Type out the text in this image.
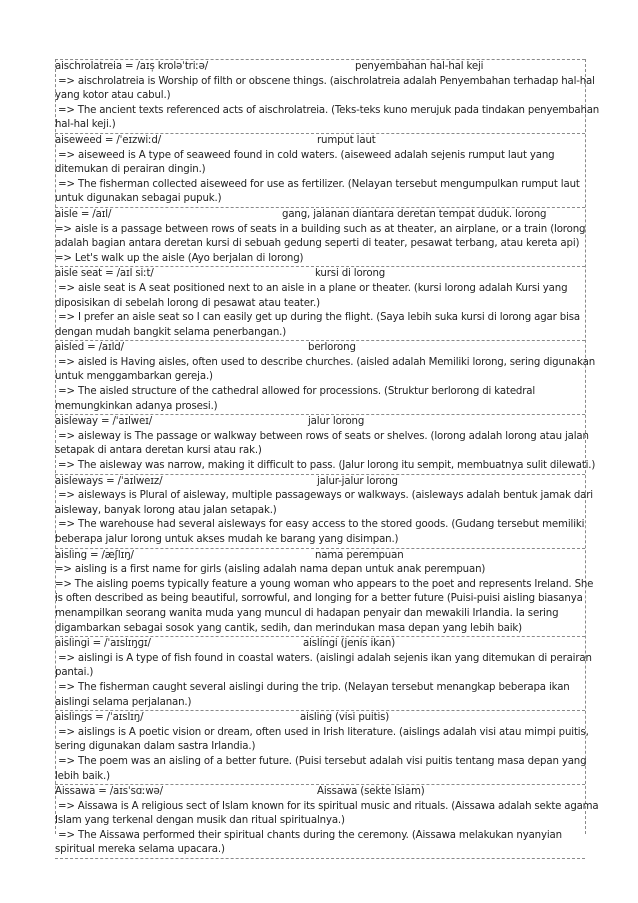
aischrolatreia = /aɪs̩ kroləˈtriːə/	penyembahan hal-hal keji
=> aischrolatreia is Worship of filth or obscene things. (aischrolatreia adalah Penyembahan terhadap hal-hal
yang kotor atau cabul.)
=> The ancient texts referenced acts of aischrolatreia. (Teks-teks kuno merujuk pada tindakan penyembahan
hal-hal keji.)
aiseweed = /ˈeɪzwiːd/	rumput laut
=> aiseweed is A type of seaweed found in cold waters. (aiseweed adalah sejenis rumput laut yang
ditemukan di perairan dingin.)
=> The fisherman collected aiseweed for use as fertilizer. (Nelayan tersebut mengumpulkan rumput laut
untuk digunakan sebagai pupuk.)
aisle = /aɪl/	gang, jalanan diantara deretan tempat duduk. lorong
=> aisle is a passage between rows of seats in a building such as at theater, an airplane, or a train (lorong
adalah bagian antara deretan kursi di sebuah gedung seperti di teater, pesawat terbang, atau kereta api)
=> Let's walk up the aisle (Ayo berjalan di lorong)
aisle seat = /aɪl siːt/	kursi di lorong
=> aisle seat is A seat positioned next to an aisle in a plane or theater. (kursi lorong adalah Kursi yang
diposisikan di sebelah lorong di pesawat atau teater.)
=> I prefer an aisle seat so I can easily get up during the flight. (Saya lebih suka kursi di lorong agar bisa
dengan mudah bangkit selama penerbangan.)
aisled = /aɪld/	berlorong
=> aisled is Having aisles, often used to describe churches. (aisled adalah Memiliki lorong, sering digunakan
untuk menggambarkan gereja.)
=> The aisled structure of the cathedral allowed for processions. (Struktur berlorong di katedral
memungkinkan adanya prosesi.)
aisleway = /ˈaɪlweɪ/	jalur lorong
=> aisleway is The passage or walkway between rows of seats or shelves. (lorong adalah lorong atau jalan
setapak di antara deretan kursi atau rak.)
=> The aisleway was narrow, making it difficult to pass. (Jalur lorong itu sempit, membuatnya sulit dilewati.)
aisleways = /ˈaɪlweɪz/	jalur-jalur lorong
=> aisleways is Plural of aisleway, multiple passageways or walkways. (aisleways adalah bentuk jamak dari
aisleway, banyak lorong atau jalan setapak.)
=> The warehouse had several aisleways for easy access to the stored goods. (Gudang tersebut memiliki
beberapa jalur lorong untuk akses mudah ke barang yang disimpan.)
aisling = /æʃlɪŋ/	nama perempuan
=> aisling is a first name for girls (aisling adalah nama depan untuk anak perempuan)
=> The aisling poems typically feature a young woman who appears to the poet and represents Ireland. She
is often described as being beautiful, sorrowful, and longing for a better future (Puisi-puisi aisling biasanya
menampilkan seorang wanita muda yang muncul di hadapan penyair dan mewakili Irlandia. Ia sering
digambarkan sebagai sosok yang cantik, sedih, dan merindukan masa depan yang lebih baik)
aislingi = /ˈaɪslɪŋɡɪ/	aislingi (jenis ikan)
=> aislingi is A type of fish found in coastal waters. (aislingi adalah sejenis ikan yang ditemukan di perairan
pantai.)
=> The fisherman caught several aislingi during the trip. (Nelayan tersebut menangkap beberapa ikan
aislingi selama perjalanan.)
aislings = /ˈaɪslɪŋ/	aisling (visi puitis)
=> aislings is A poetic vision or dream, often used in Irish literature. (aislings adalah visi atau mimpi puitis,
sering digunakan dalam sastra Irlandia.)
=> The poem was an aisling of a better future. (Puisi tersebut adalah visi puitis tentang masa depan yang
lebih baik.)
Aissawa = /aɪsˈsɑːwə/	Aissawa (sekte Islam)
=> Aissawa is A religious sect of Islam known for its spiritual music and rituals. (Aissawa adalah sekte agama
Islam yang terkenal dengan musik dan ritual spiritualnya.)
=> The Aissawa performed their spiritual chants during the ceremony. (Aissawa melakukan nyanyian
spiritual mereka selama upacara.)
